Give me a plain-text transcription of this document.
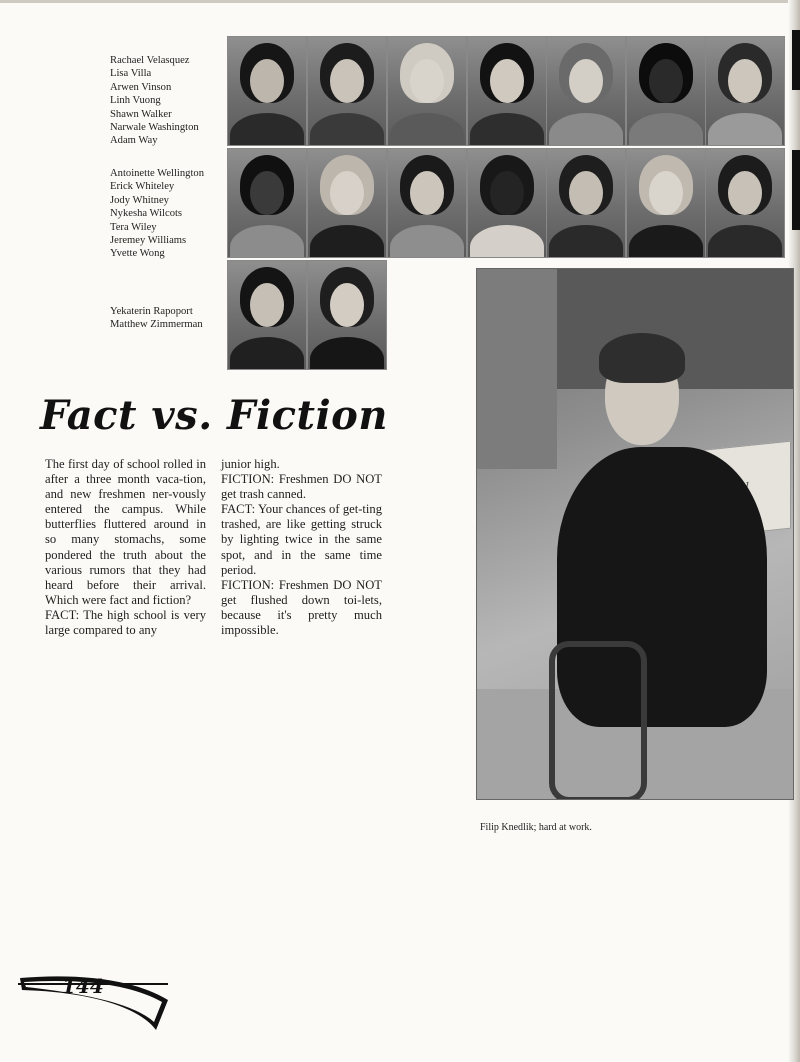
Rachael Velasquez
Lisa Villa
Arwen Vinson
Linh Vuong
Shawn Walker
Narwale Washington
Adam Way
Antoinette Wellington
Erick Whiteley
Jody Whitney
Nykesha Wilcots
Tera Wiley
Jeremey Williams
Yvette Wong
Yekaterin Rapoport
Matthew Zimmerman
Fact vs. Fiction

The first day of school rolled in after a three month vaca-tion, and new freshmen ner-vously entered the campus. While butterflies fluttered around in so many stomachs, some pondered the truth about the various rumors that they had heard before their arrival. Which were fact and fiction?

FACT: The high school is very large compared to any

junior high.

FICTION: Freshmen DO NOT get trash canned.

FACT: Your chances of get-ting trashed, are like getting struck by lighting twice in the same spot, and in the same time period.

FICTION: Freshmen DO NOT get flushed down toi-lets, because it's pretty much impossible.

Filip Knedlik; hard at work.

144
